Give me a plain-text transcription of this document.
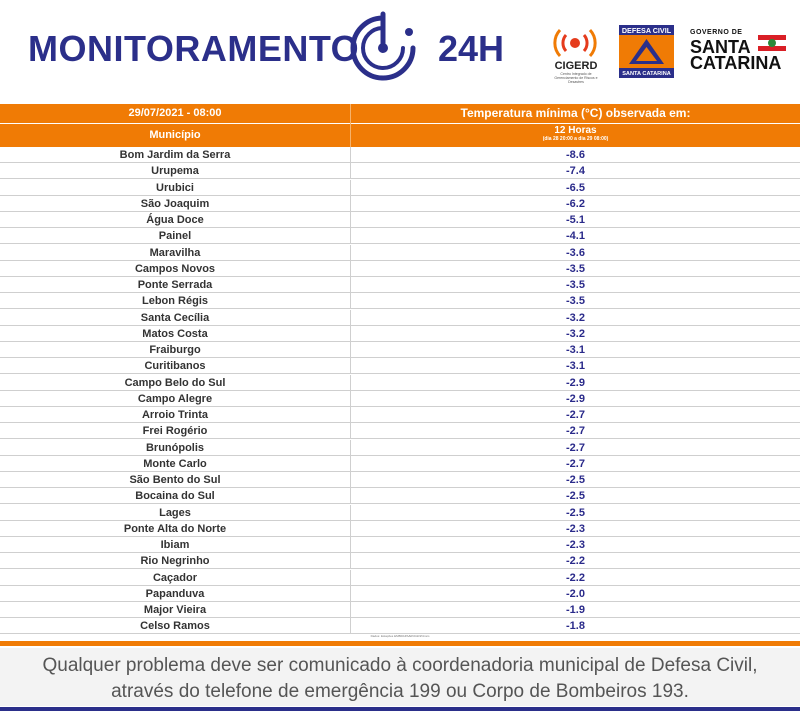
MONITORAMENTO 24H	CIGERD
Centro Integrado de Gerenciamento de Riscos e Desastres
DEFESA CIVIL
SANTA CATARINA
GOVERNO DE
SANTA
CATARINA
29/07/2021 - 08:00	Temperatura mínima (°C) observada em:
Município	12 Horas
(dia 28 20:00 a dia 29 08:00)
Bom Jardim da Serra	-8.6
Urupema	-7.4
Urubici	-6.5
São Joaquim	-6.2
Água Doce	-5.1
Painel	-4.1
Maravilha	-3.6
Campos Novos	-3.5
Ponte Serrada	-3.5
Lebon Régis	-3.5
Santa Cecília	-3.2
Matos Costa	-3.2
Fraiburgo	-3.1
Curitibanos	-3.1
Campo Belo do Sul	-2.9
Campo Alegre	-2.9
Arroio Trinta	-2.7
Frei Rogério	-2.7
Brunópolis	-2.7
Monte Carlo	-2.7
São Bento do Sul	-2.5
Bocaina do Sul	-2.5
Lages	-2.5
Ponte Alta do Norte	-2.3
Ibiam	-2.3
Rio Negrinho	-2.2
Caçador	-2.2
Papanduva	-2.0
Major Vieira	-1.9
Celso Ramos	-1.8
Dados: Estações EMBRAPA/EPAGRI/Ciram

Qualquer problema deve ser comunicado à coordenadoria municipal de Defesa Civil,

através do telefone de emergência 199 ou Corpo de Bombeiros 193.
